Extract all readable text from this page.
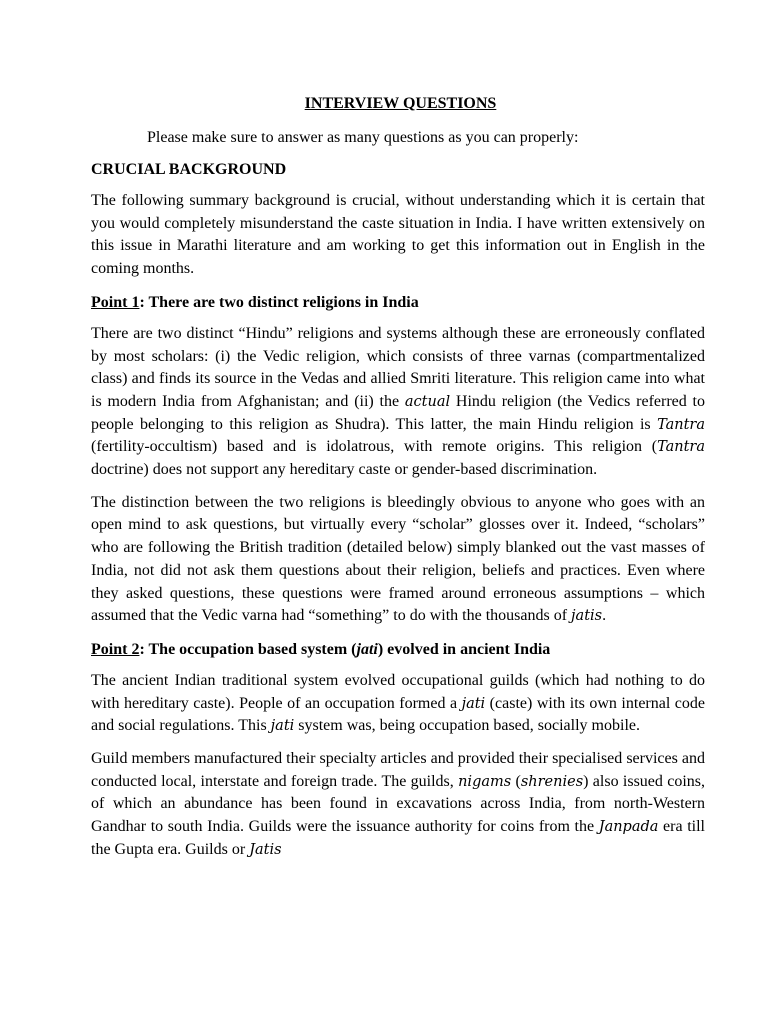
INTERVIEW QUESTIONS
Please make sure to answer as many questions as you can properly:
CRUCIAL BACKGROUND

The following summary background is crucial, without understanding which it is certain that you would completely misunderstand the caste situation in India. I have written extensively on this issue in Marathi literature and am working to get this information out in English in the coming months.

Point 1: There are two distinct religions in India

There are two distinct “Hindu” religions and systems although these are erroneously conflated by most scholars: (i) the Vedic religion, which consists of three varnas (compartmentalized class) and finds its source in the Vedas and allied Smriti literature. This religion came into what is modern India from Afghanistan; and (ii) the actual Hindu religion (the Vedics referred to people belonging to this religion as Shudra). This latter, the main Hindu religion is Tantra (fertility-occultism) based and is idolatrous, with remote origins. This religion (Tantra doctrine) does not support any hereditary caste or gender-based discrimination.

The distinction between the two religions is bleedingly obvious to anyone who goes with an open mind to ask questions, but virtually every “scholar” glosses over it. Indeed, “scholars” who are following the British tradition (detailed below) simply blanked out the vast masses of India, not did not ask them questions about their religion, beliefs and practices. Even where they asked questions, these questions were framed around erroneous assumptions – which assumed that the Vedic varna had “something” to do with the thousands of jatis.

Point 2: The occupation based system (jati) evolved in ancient India

The ancient Indian traditional system evolved occupational guilds (which had nothing to do with hereditary caste). People of an occupation formed a jati (caste) with its own internal code and social regulations. This jati system was, being occupation based, socially mobile.

Guild members manufactured their specialty articles and provided their specialised services and conducted local, interstate and foreign trade. The guilds, nigams (shrenies) also issued coins, of which an abundance has been found in excavations across India, from north-Western Gandhar to south India. Guilds were the issuance authority for coins from the Janpada era till the Gupta era. Guilds or Jatis
